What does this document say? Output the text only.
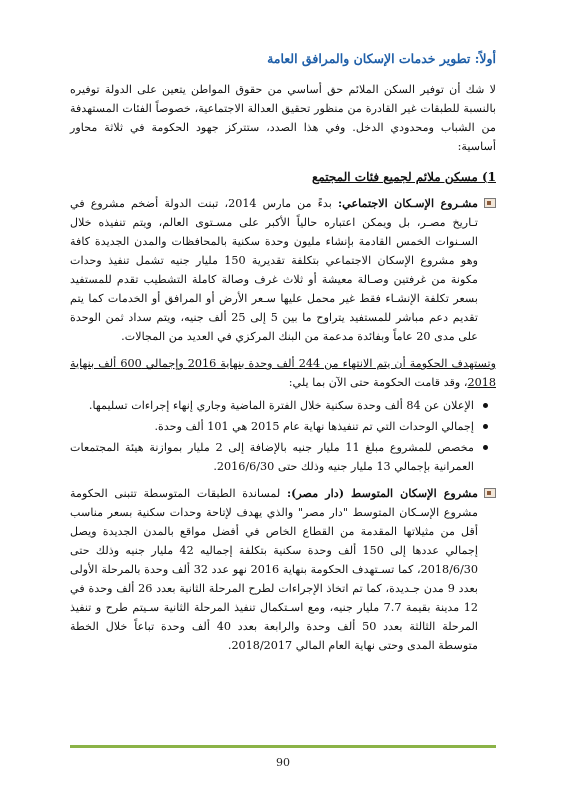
أولاً: تطوير خدمات الإسكان والمرافق العامة

لا شك أن توفير السكن الملائم حق أساسي من حقوق المواطن يتعين على الدولة توفيره بالنسبة للطبقات غير القادرة من منظور تحقيق العدالة الاجتماعية، خصوصاً الفئات المستهدفة من الشباب ومحدودي الدخل. وفي هذا الصدد، ستتركز جهود الحكومة في ثلاثة محاور أساسية:

1) مسكن ملائم لجميع فئات المجتمع
مشـروع الإسـكان الاجتماعي: بدءً من مارس 2014، تبنت الدولة أضخم مشروع في تـاريخ مصـر، بل ويمكن اعتباره حالياً الأكبر على مسـتوى العالم، ويتم تنفيذه خلال السـنوات الخمس القادمة بإنشاء مليون وحدة سكنية بالمحافظات والمدن الجديدة كافة وهو مشروع الإسكان الاجتماعي بتكلفة تقديرية 150 مليار جنيه تشمل تنفيذ وحدات مكونة من غرفتين وصـالة معيشة أو ثلاث غرف وصالة كاملة التشطيب تقدم للمستفيد بسعر تكلفة الإنشـاء فقط غير محمل عليها سـعر الأرض أو المرافق أو الخدمات كما يتم تقديم دعم مباشر للمستفيد يتراوح ما بين 5 إلى 25 ألف جنيه، ويتم سداد ثمن الوحدة على مدى 20 عاماً وبفائدة مدعمة من البنك المركزي في العديد من المجالات.

وتستهدف الحكومة أن يتم الانتهاء من 244 ألف وحدة بنهاية 2016 وإجمالي 600 ألف بنهاية 2018، وقد قامت الحكومة حتى الآن بما يلي:

الإعلان عن 84 ألف وحدة سكنية خلال الفترة الماضية وجاري إنهاء إجراءات تسليمها.
إجمالي الوحدات التي تم تنفيذها نهاية عام 2015 هي 101 ألف وحدة.
مخصص للمشروع مبلغ 11 مليار جنيه بالإضافة إلى 2 مليار بموازنة هيئة المجتمعات العمرانية بإجمالي 13 مليار جنيه وذلك حتى 2016/6/30.
مشروع الإسكان المتوسط (دار مصر): لمساندة الطبقات المتوسطة تتبنى الحكومة مشروع الإسـكان المتوسط "دار مصر" والذي يهدف لإتاحة وحدات سكنية بسعر مناسب أقل من مثيلاتها المقدمة من القطاع الخاص في أفضل مواقع بالمدن الجديدة ويصل إجمالي عددها إلى 150 ألف وحدة سكنية بتكلفة إجماليه 42 مليار جنيه وذلك حتى 2018/6/30، كما تسـتهدف الحكومة بنهاية 2016 نهو عدد 32 ألف وحدة بالمرحلة الأولى بعدد 9 مدن جـديدة، كما تم اتخاذ الإجراءات لطرح المرحلة الثانية بعدد 26 ألف وحدة في 12 مدينة بقيمة 7.7 مليار جنيه، ومع اسـتكمال تنفيذ المرحلة الثانية سـيتم طرح و تنفيذ المرحلة الثالثة بعدد 50 ألف وحدة والرابعة بعدد 40 ألف وحدة تباعاً خلال الخطة متوسطة المدى وحتى نهاية العام المالي 2018/2017.
90
